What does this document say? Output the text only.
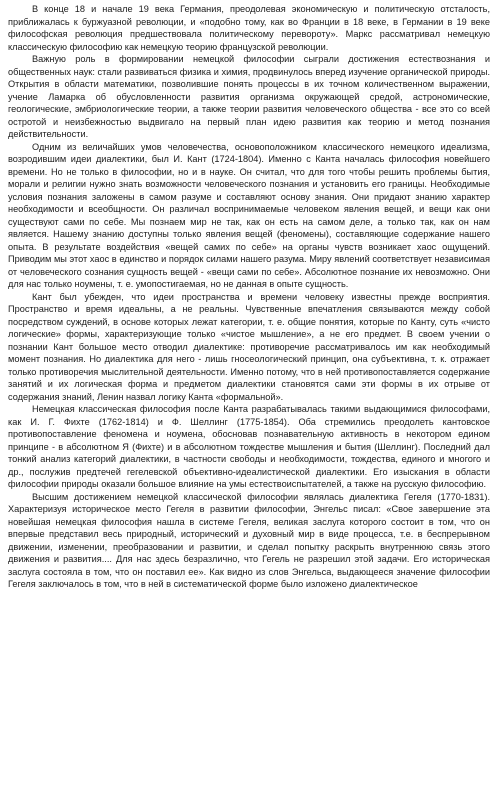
В конце 18 и начале 19 века Германия, преодолевая экономическую и политическую отсталость, приближалась к буржуазной революции, и «подобно тому, как во Франции в 18 веке, в Германии в 19 веке философская революция предшествовала политическому перевороту». Маркс рассматривал немецкую классическую философию как немецкую теорию французской революции.

Важную роль в формировании немецкой философии сыграли достижения естествознания и общественных наук: стали развиваться физика и химия, продвинулось вперед изучение органической природы. Открытия в области математики, позволившие понять процессы в их точном количественном выражении, учение Ламарка об обусловленности развития организма окружающей средой, астрономические, геологические, эмбриологические теории, а также теории развития человеческого общества - все это со всей остротой и неизбежностью выдвигало на первый план идею развития как теорию и метод познания действительности.

Одним из величайших умов человечества, основоположником классического немецкого идеализма, возродившим идеи диалектики, был И. Кант (1724-1804). Именно с Канта началась философия новейшего времени. Но не только в философии, но и в науке. Он считал, что для того чтобы решить проблемы бытия, морали и религии нужно знать возможности человеческого познания и установить его границы. Необходимые условия познания заложены в самом разуме и составляют основу знания. Они придают знанию характер необходимости и всеобщности. Он различал воспринимаемые человеком явления вещей, и вещи как они существуют сами по себе. Мы познаем мир не так, как он есть на самом деле, а только так, как он нам является. Нашему знанию доступны только явления вещей (феномены), составляющие содержание нашего опыта. В результате воздействия «вещей самих по себе» на органы чувств возникает хаос ощущений. Приводим мы этот хаос в единство и порядок силами нашего разума. Миру явлений соответствует независимая от человеческого сознания сущность вещей - «вещи сами по себе». Абсолютное познание их невозможно. Они для нас только ноумены, т. е. умопостигаемая, но не данная в опыте сущность.

Кант был убежден, что идеи пространства и времени человеку известны прежде восприятия. Пространство и время идеальны, а не реальны. Чувственные впечатления связываются между собой посредством суждений, в основе которых лежат категории, т. е. общие понятия, которые по Канту, суть «чисто логические» формы, характеризующие только «чистое мышление», а не его предмет. В своем учении о познании Кант большое место отводил диалектике: противоречие рассматривалось им как необходимый момент познания. Но диалектика для него - лишь гносеологический принцип, она субъективна, т. к. отражает только противоречия мыслительной деятельности. Именно потому, что в ней противопоставляется содержание занятий и их логическая форма и предметом диалектики становятся сами эти формы в их отрыве от содержания знаний, Ленин назвал логику Канта «формальной».

Немецкая классическая философия после Канта разрабатывалась такими выдающимися философами, как И. Г. Фихте (1762-1814) и Ф. Шеллинг (1775-1854). Оба стремились преодолеть кантовское противопоставление феномена и ноумена, обосновав познавательную активность в некотором едином принципе - в абсолютном Я (Фихте) и в абсолютном тождестве мышления и бытия (Шеллинг). Последний дал тонкий анализ категорий диалектики, в частности свободы и необходимости, тождества, единого и многого и др., послужив предтечей гегелевской объективно-идеалистической диалектики. Его изыскания в области философии природы оказали большое влияние на умы естествоиспытателей, а также на русскую философию.

Высшим достижением немецкой классической философии являлась диалектика Гегеля (1770-1831). Характеризуя историческое место Гегеля в развитии философии, Энгельс писал: «Свое завершение эта новейшая немецкая философия нашла в системе Гегеля, великая заслуга которого состоит в том, что он впервые представил весь природный, исторический и духовный мир в виде процесса, т.е. в беспрерывном движении, изменении, преобразовании и развитии, и сделал попытку раскрыть внутреннюю связь этого движения и развития.... Для нас здесь безразлично, что Гегель не разрешил этой задачи. Его историческая заслуга состояла в том, что он поставил ее». Как видно из слов Энгельса, выдающееся значение философии Гегеля заключалось в том, что в ней в систематической форме было изложено диалектическое
